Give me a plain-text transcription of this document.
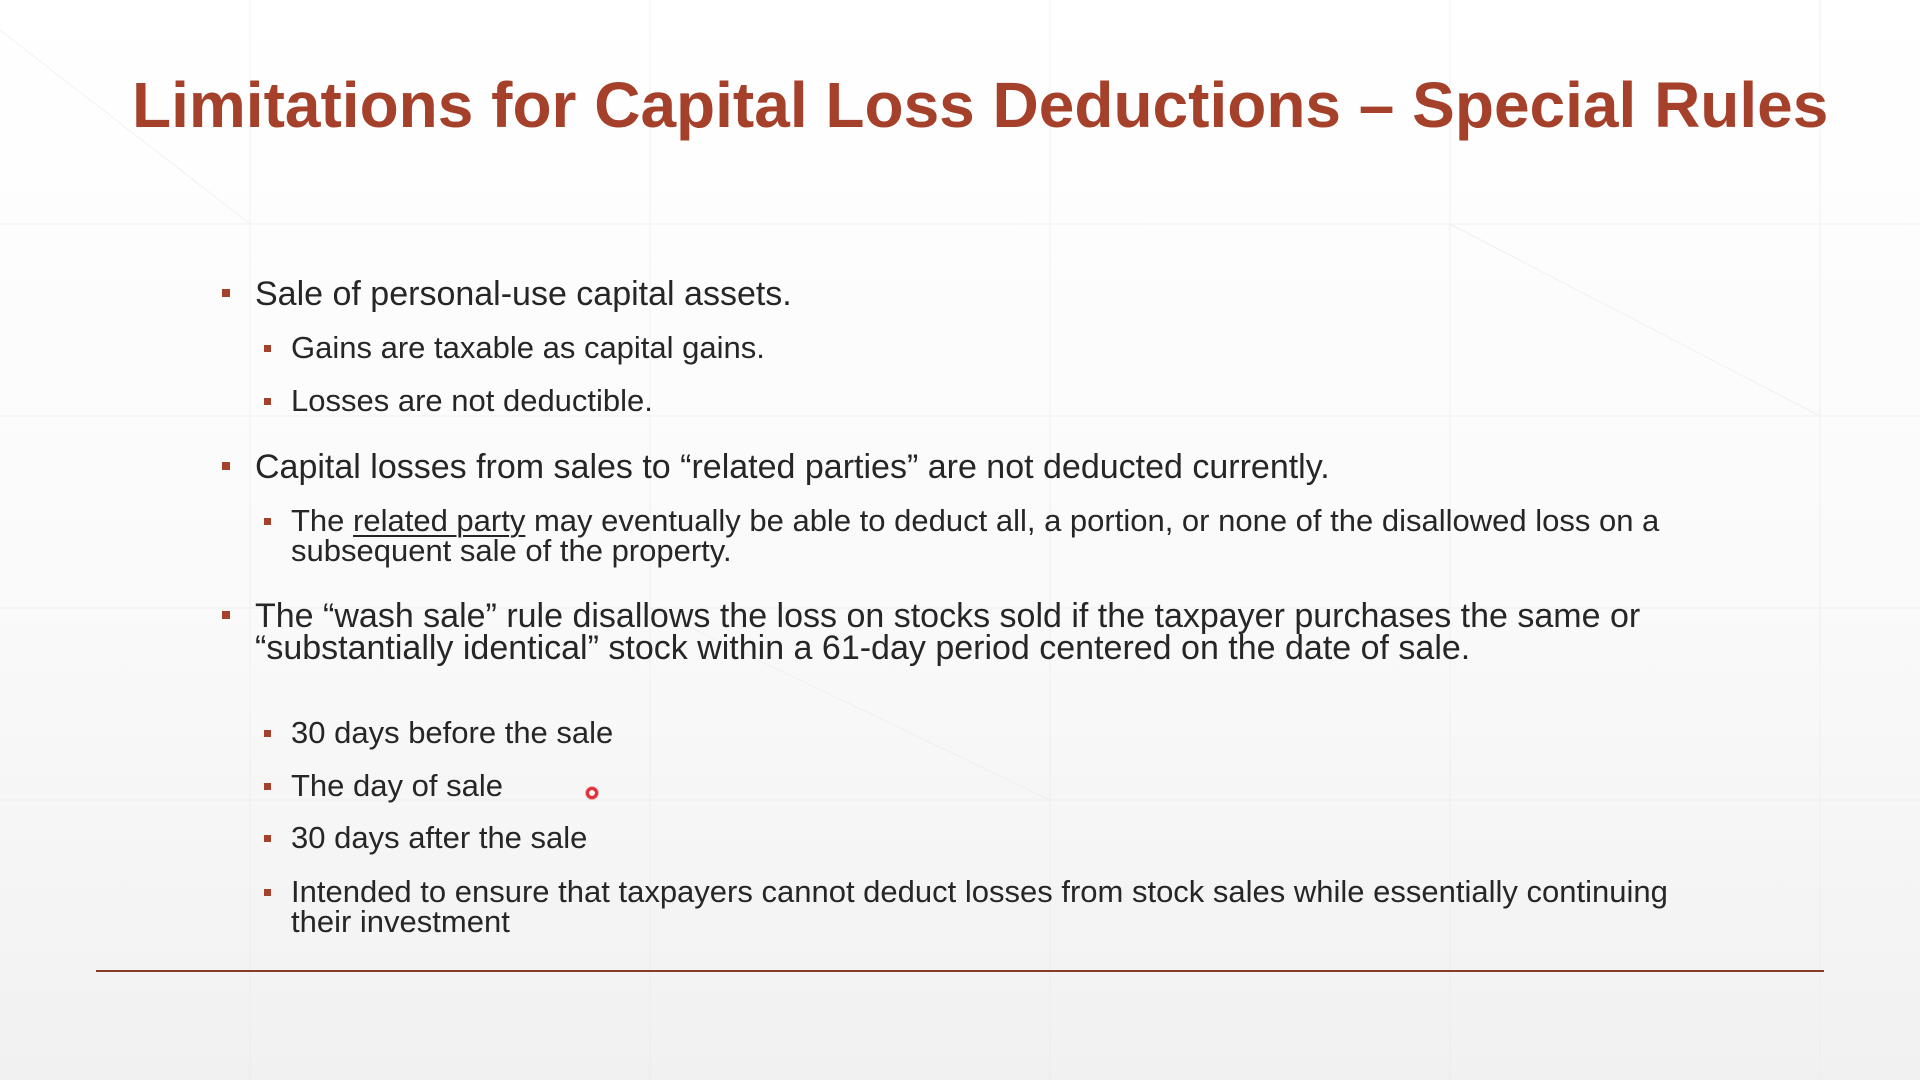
Limitations for Capital Loss Deductions – Special Rules
Sale of personal-use capital assets.
Gains are taxable as capital gains.
Losses are not deductible.
Capital losses from sales to “related parties” are not deducted currently.
The related party may eventually be able to deduct all, a portion, or none of the disallowed loss on a subsequent sale of the property.
The “wash sale” rule disallows the loss on stocks sold if the taxpayer purchases the same or “substantially identical” stock within a 61-day period centered on the date of sale.
30 days before the sale
The day of sale
30 days after the sale
Intended to ensure that taxpayers cannot deduct losses from stock sales while essentially continuing their investment
